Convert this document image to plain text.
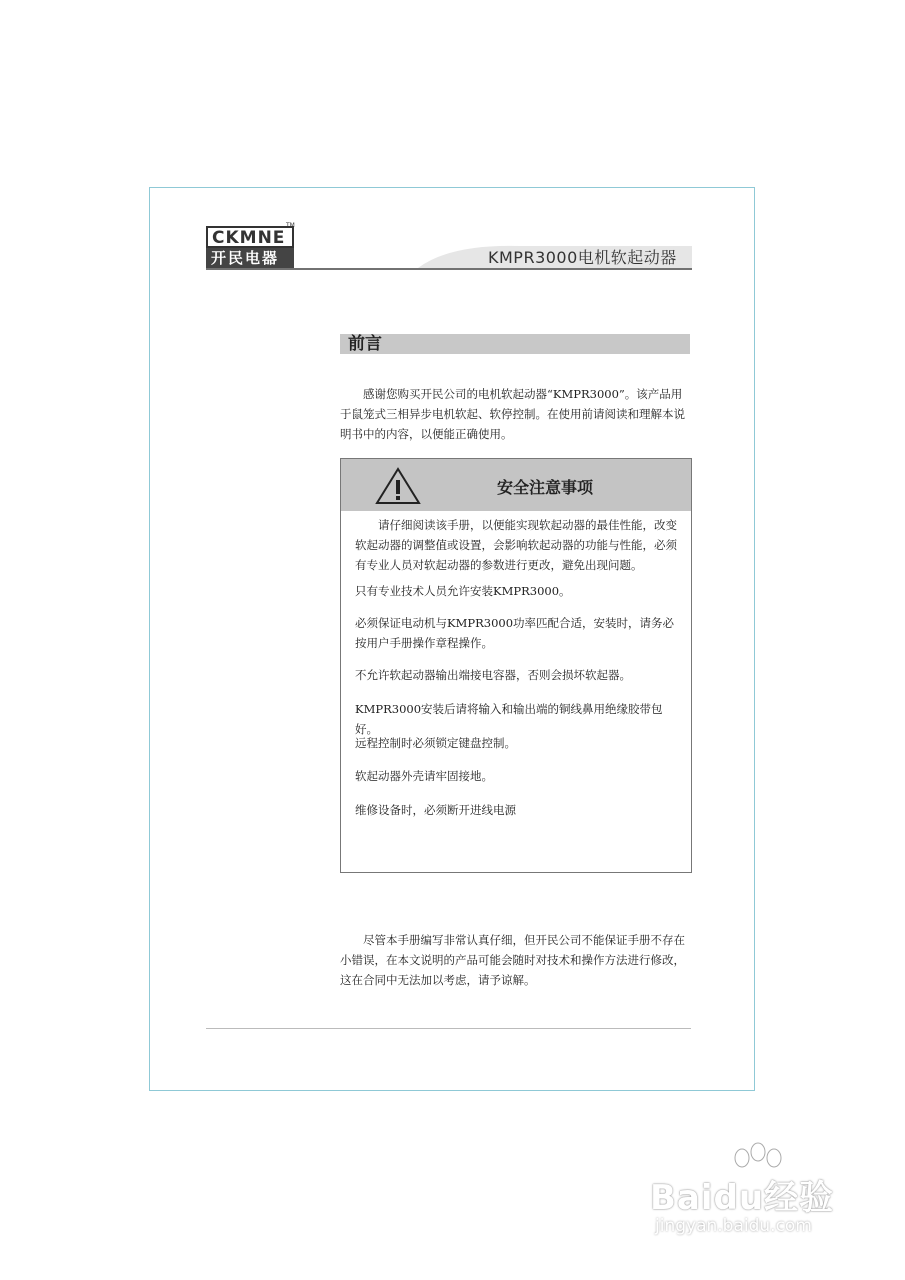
CKMNE
TM
开民电器	KMPR3000电机软起动器
前言
感谢您购买开民公司的电机软起动器“KMPR3000”。该产品用于鼠笼式三相异步电机软起、软停控制。在使用前请阅读和理解本说明书中的内容，以便能正确使用。
安全注意事项
请仔细阅读该手册，以便能实现软起动器的最佳性能，改变软起动器的调整值或设置，会影响软起动器的功能与性能，必须有专业人员对软起动器的参数进行更改，避免出现问题。
只有专业技术人员允许安装KMPR3000。
必须保证电动机与KMPR3000功率匹配合适，安装时，请务必按用户手册操作章程操作。
不允许软起动器输出端接电容器，否则会损坏软起器。
KMPR3000安装后请将输入和输出端的铜线鼻用绝缘胶带包好。
远程控制时必须锁定键盘控制。
软起动器外壳请牢固接地。
维修设备时，必须断开进线电源
尽管本手册编写非常认真仔细，但开民公司不能保证手册不存在小错误，在本文说明的产品可能会随时对技术和操作方法进行修改，这在合同中无法加以考虑，请予谅解。
Baidu经验
jingyan.baidu.com
